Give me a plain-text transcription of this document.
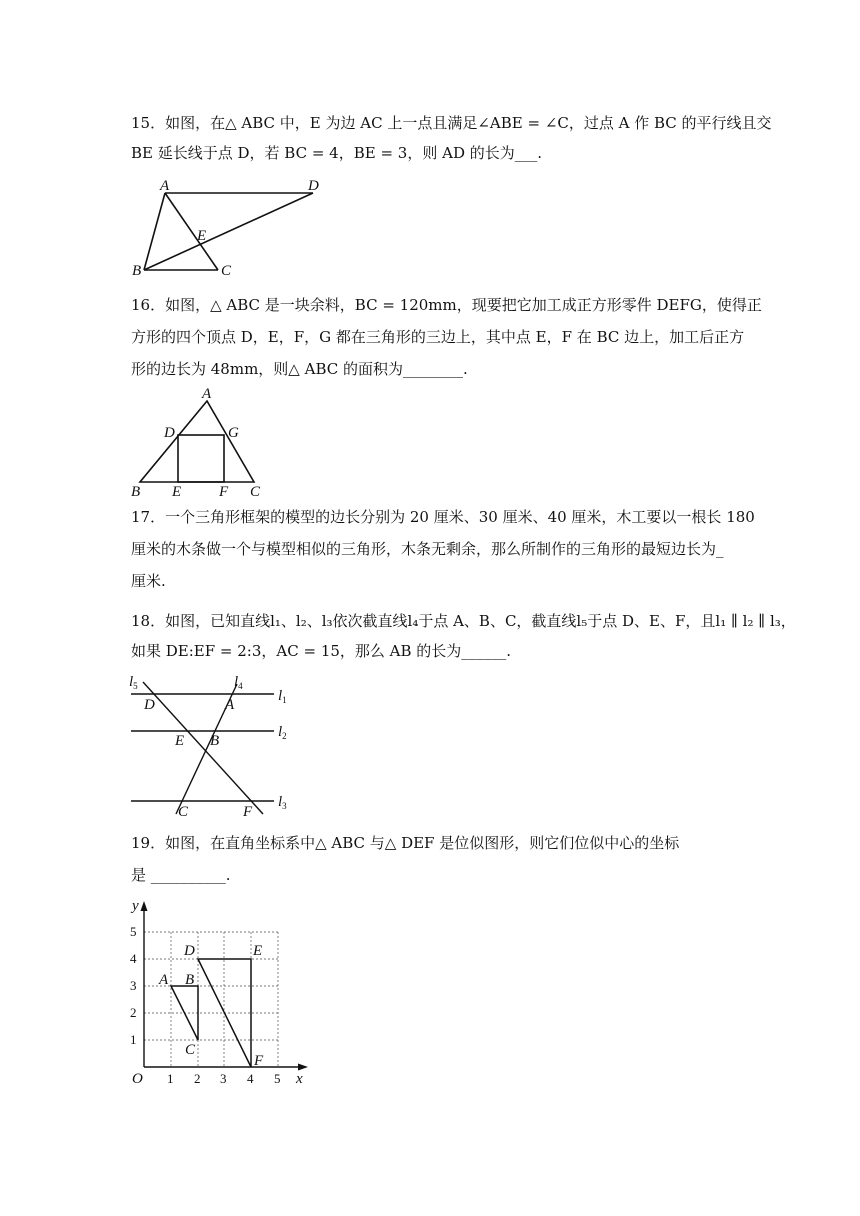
15．如图，在△ ABC 中，E 为边 AC 上一点且满足∠ABE = ∠C，过点 A 作 BC 的平行线且交
BE 延长线于点 D，若 BC = 4，BE = 3，则 AD 的长为___.
A	D
E
B	C
16．如图，△ ABC 是一块余料，BC = 120mm，现要把它加工成正方形零件 DEFG，使得正
方形的四个顶点 D，E，F，G 都在三角形的三边上，其中点 E，F 在 BC 边上，加工后正方
形的边长为 48mm，则△ ABC 的面积为________.
A
D	G
B E	F C
17．一个三角形框架的模型的边长分别为 20 厘米、30 厘米、40 厘米，木工要以一根长 180
厘米的木条做一个与模型相似的三角形，木条无剩余，那么所制作的三角形的最短边长为_
厘米.
18．如图，已知直线l₁、l₂、l₃依次截直线l₄于点 A、B、C，截直线l₅于点 D、E、F，且l₁ ∥ l₂ ∥ l₃，
如果 DE:EF = 2:3，AC = 15，那么 AB 的长为______.
$l_5$	$l_4$
$l_1$
$l_2$
$l_3$
D	A
E B
C	F
19．如图，在直角坐标系中△ ABC 与△ DEF 是位似图形，则它们位似中心的坐标
是 __________.
5
4
3
2
1
1 2 3 4 5
O	x
y
A B
C
D	E
F
